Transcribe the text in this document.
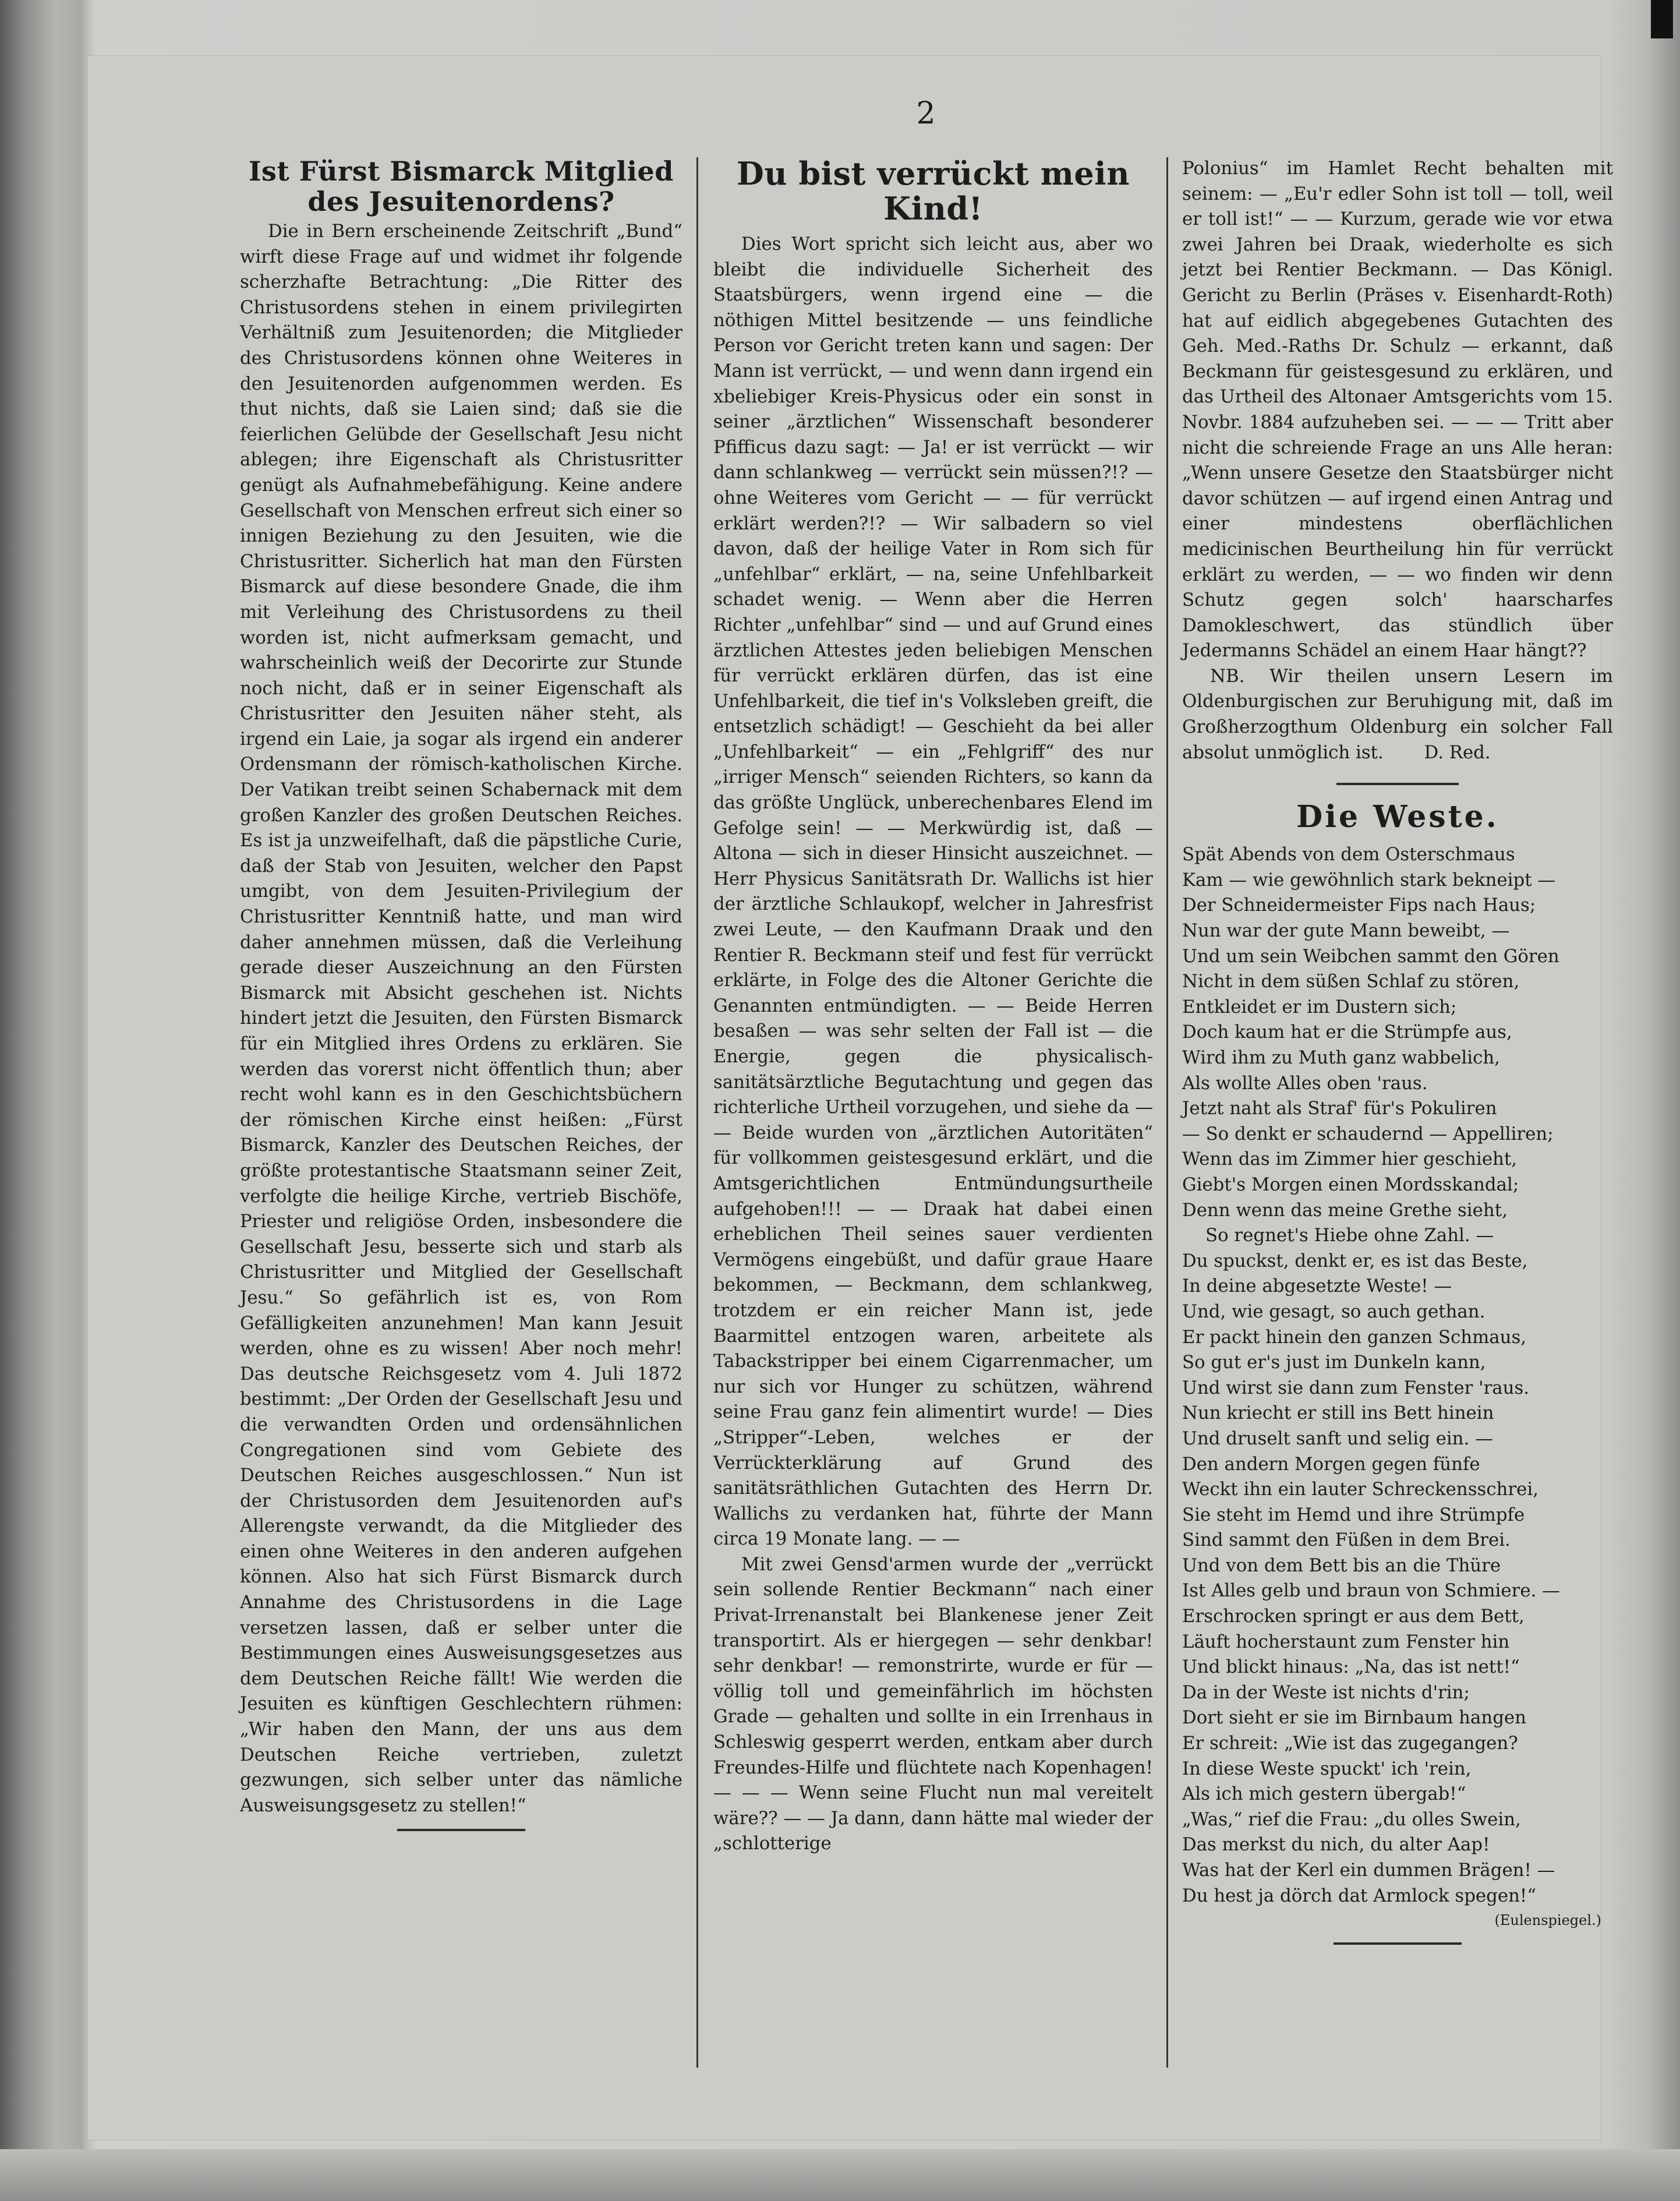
2
Ist Fürst Bismarck Mitglied des Jesuitenordens?

Die in Bern erscheinende Zeitschrift „Bund“ wirft diese Frage auf und widmet ihr folgende scherzhafte Betrachtung: „Die Ritter des Christusordens stehen in einem privilegirten Verhältniß zum Jesuitenorden; die Mitglieder des Christusordens können ohne Weiteres in den Jesuitenorden aufgenommen werden. Es thut nichts, daß sie Laien sind; daß sie die feierlichen Gelübde der Gesellschaft Jesu nicht ablegen; ihre Eigenschaft als Christusritter genügt als Aufnahmebefähigung. Keine andere Gesellschaft von Menschen erfreut sich einer so innigen Beziehung zu den Jesuiten, wie die Christusritter. Sicherlich hat man den Fürsten Bismarck auf diese besondere Gnade, die ihm mit Verleihung des Christusordens zu theil worden ist, nicht aufmerksam gemacht, und wahrscheinlich weiß der Decorirte zur Stunde noch nicht, daß er in seiner Eigenschaft als Christusritter den Jesuiten näher steht, als irgend ein Laie, ja sogar als irgend ein anderer Ordensmann der römisch-katholischen Kirche. Der Vatikan treibt seinen Schabernack mit dem großen Kanzler des großen Deutschen Reiches. Es ist ja unzweifelhaft, daß die päpstliche Curie, daß der Stab von Jesuiten, welcher den Papst umgibt, von dem Jesuiten-Privilegium der Christusritter Kenntniß hatte, und man wird daher annehmen müssen, daß die Verleihung gerade dieser Auszeichnung an den Fürsten Bismarck mit Absicht geschehen ist. Nichts hindert jetzt die Jesuiten, den Fürsten Bismarck für ein Mitglied ihres Ordens zu erklären. Sie werden das vorerst nicht öffentlich thun; aber recht wohl kann es in den Geschichtsbüchern der römischen Kirche einst heißen: „Fürst Bismarck, Kanzler des Deutschen Reiches, der größte protestantische Staatsmann seiner Zeit, verfolgte die heilige Kirche, vertrieb Bischöfe, Priester und religiöse Orden, insbesondere die Gesellschaft Jesu, besserte sich und starb als Christusritter und Mitglied der Gesellschaft Jesu.“ So gefährlich ist es, von Rom Gefälligkeiten anzunehmen! Man kann Jesuit werden, ohne es zu wissen! Aber noch mehr! Das deutsche Reichsgesetz vom 4. Juli 1872 bestimmt: „Der Orden der Gesellschaft Jesu und die verwandten Orden und ordensähnlichen Congregationen sind vom Gebiete des Deutschen Reiches ausgeschlossen.“ Nun ist der Christusorden dem Jesuitenorden auf's Allerengste verwandt, da die Mitglieder des einen ohne Weiteres in den anderen aufgehen können. Also hat sich Fürst Bismarck durch Annahme des Christusordens in die Lage versetzen lassen, daß er selber unter die Bestimmungen eines Ausweisungsgesetzes aus dem Deutschen Reiche fällt! Wie werden die Jesuiten es künftigen Geschlechtern rühmen: „Wir haben den Mann, der uns aus dem Deutschen Reiche vertrieben, zuletzt gezwungen, sich selber unter das nämliche Ausweisungsgesetz zu stellen!“

Du bist verrückt mein Kind!

Dies Wort spricht sich leicht aus, aber wo bleibt die individuelle Sicherheit des Staatsbürgers, wenn irgend eine — die nöthigen Mittel besitzende — uns feindliche Person vor Gericht treten kann und sagen: Der Mann ist verrückt, — und wenn dann irgend ein xbeliebiger Kreis-Physicus oder ein sonst in seiner „ärztlichen“ Wissenschaft besonderer Pfifficus dazu sagt: — Ja! er ist verrückt — wir dann schlankweg — verrückt sein müssen?!? — ohne Weiteres vom Gericht — — für verrückt erklärt werden?!? — Wir salbadern so viel davon, daß der heilige Vater in Rom sich für „unfehlbar“ erklärt, — na, seine Unfehlbarkeit schadet wenig. — Wenn aber die Herren Richter „unfehlbar“ sind — und auf Grund eines ärztlichen Attestes jeden beliebigen Menschen für verrückt erklären dürfen, das ist eine Unfehlbarkeit, die tief in's Volksleben greift, die entsetzlich schädigt! — Geschieht da bei aller „Unfehlbarkeit“ — ein „Fehlgriff“ des nur „irriger Mensch“ seienden Richters, so kann da das größte Unglück, unberechenbares Elend im Gefolge sein! — — Merkwürdig ist, daß — Altona — sich in dieser Hinsicht auszeichnet. — Herr Physicus Sanitätsrath Dr. Wallichs ist hier der ärztliche Schlaukopf, welcher in Jahresfrist zwei Leute, — den Kaufmann Draak und den Rentier R. Beckmann steif und fest für verrückt erklärte, in Folge des die Altoner Gerichte die Genannten entmündigten. — — Beide Herren besaßen — was sehr selten der Fall ist — die Energie, gegen die physicalisch-sanitätsärztliche Begutachtung und gegen das richterliche Urtheil vorzugehen, und siehe da — — Beide wurden von „ärztlichen Autoritäten“ für vollkommen geistesgesund erklärt, und die Amtsgerichtlichen Entmündungsurtheile aufgehoben!!! — — Draak hat dabei einen erheblichen Theil seines sauer verdienten Vermögens eingebüßt, und dafür graue Haare bekommen, — Beckmann, dem schlankweg, trotzdem er ein reicher Mann ist, jede Baarmittel entzogen waren, arbeitete als Tabackstripper bei einem Cigarrenmacher, um nur sich vor Hunger zu schützen, während seine Frau ganz fein alimentirt wurde! — Dies „Stripper“-Leben, welches er der Verrückterklärung auf Grund des sanitätsräthlichen Gutachten des Herrn Dr. Wallichs zu verdanken hat, führte der Mann circa 19 Monate lang. — —

Mit zwei Gensd'armen wurde der „verrückt sein sollende Rentier Beckmann“ nach einer Privat-Irrenanstalt bei Blankenese jener Zeit transportirt. Als er hiergegen — sehr denkbar! sehr denkbar! — remonstrirte, wurde er für — völlig toll und gemeinfährlich im höchsten Grade — gehalten und sollte in ein Irrenhaus in Schleswig gesperrt werden, entkam aber durch Freundes-Hilfe und flüchtete nach Kopenhagen! — — — Wenn seine Flucht nun mal vereitelt wäre?? — — Ja dann, dann hätte mal wieder der „schlotterige

Polonius“ im Hamlet Recht behalten mit seinem: — „Eu'r edler Sohn ist toll — toll, weil er toll ist!“ — — Kurzum, gerade wie vor etwa zwei Jahren bei Draak, wiederholte es sich jetzt bei Rentier Beckmann. — Das Königl. Gericht zu Berlin (Präses v. Eisenhardt-Roth) hat auf eidlich abgegebenes Gutachten des Geh. Med.-Raths Dr. Schulz — erkannt, daß Beckmann für geistesgesund zu erklären, und das Urtheil des Altonaer Amtsgerichts vom 15. Novbr. 1884 aufzuheben sei. — — — Tritt aber nicht die schreiende Frage an uns Alle heran: „Wenn unsere Gesetze den Staatsbürger nicht davor schützen — auf irgend einen Antrag und einer mindestens oberflächlichen medicinischen Beurtheilung hin für verrückt erklärt zu werden, — — wo finden wir denn Schutz gegen solch' haarscharfes Damokleschwert, das stündlich über Jedermanns Schädel an einem Haar hängt??

NB. Wir theilen unsern Lesern im Oldenburgischen zur Beruhigung mit, daß im Großherzogthum Oldenburg ein solcher Fall absolut unmöglich ist. D. Red.

Die Weste.
Spät Abends von dem Osterschmaus
Kam — wie gewöhnlich stark bekneipt —
Der Schneidermeister Fips nach Haus;
Nun war der gute Mann beweibt, —
Und um sein Weibchen sammt den Gören
Nicht in dem süßen Schlaf zu stören,
Entkleidet er im Dustern sich;
Doch kaum hat er die Strümpfe aus,
Wird ihm zu Muth ganz wabbelich,
Als wollte Alles oben 'raus.
Jetzt naht als Straf' für's Pokuliren
— So denkt er schaudernd — Appelliren;
Wenn das im Zimmer hier geschieht,
Giebt's Morgen einen Mordsskandal;
Denn wenn das meine Grethe sieht,
So regnet's Hiebe ohne Zahl. —
Du spuckst, denkt er, es ist das Beste,
In deine abgesetzte Weste! —
Und, wie gesagt, so auch gethan.
Er packt hinein den ganzen Schmaus,
So gut er's just im Dunkeln kann,
Und wirst sie dann zum Fenster 'raus.
Nun kriecht er still ins Bett hinein
Und druselt sanft und selig ein. —
Den andern Morgen gegen fünfe
Weckt ihn ein lauter Schreckensschrei,
Sie steht im Hemd und ihre Strümpfe
Sind sammt den Füßen in dem Brei.
Und von dem Bett bis an die Thüre
Ist Alles gelb und braun von Schmiere. —
Erschrocken springt er aus dem Bett,
Läuft hocherstaunt zum Fenster hin
Und blickt hinaus: „Na, das ist nett!“
Da in der Weste ist nichts d'rin;
Dort sieht er sie im Birnbaum hangen
Er schreit: „Wie ist das zugegangen?
In diese Weste spuckt' ich 'rein,
Als ich mich gestern übergab!“
„Was,“ rief die Frau: „du olles Swein,
Das merkst du nich, du alter Aap!
Was hat der Kerl ein dummen Brägen! —
Du hest ja dörch dat Armlock spegen!“
(Eulenspiegel.)
